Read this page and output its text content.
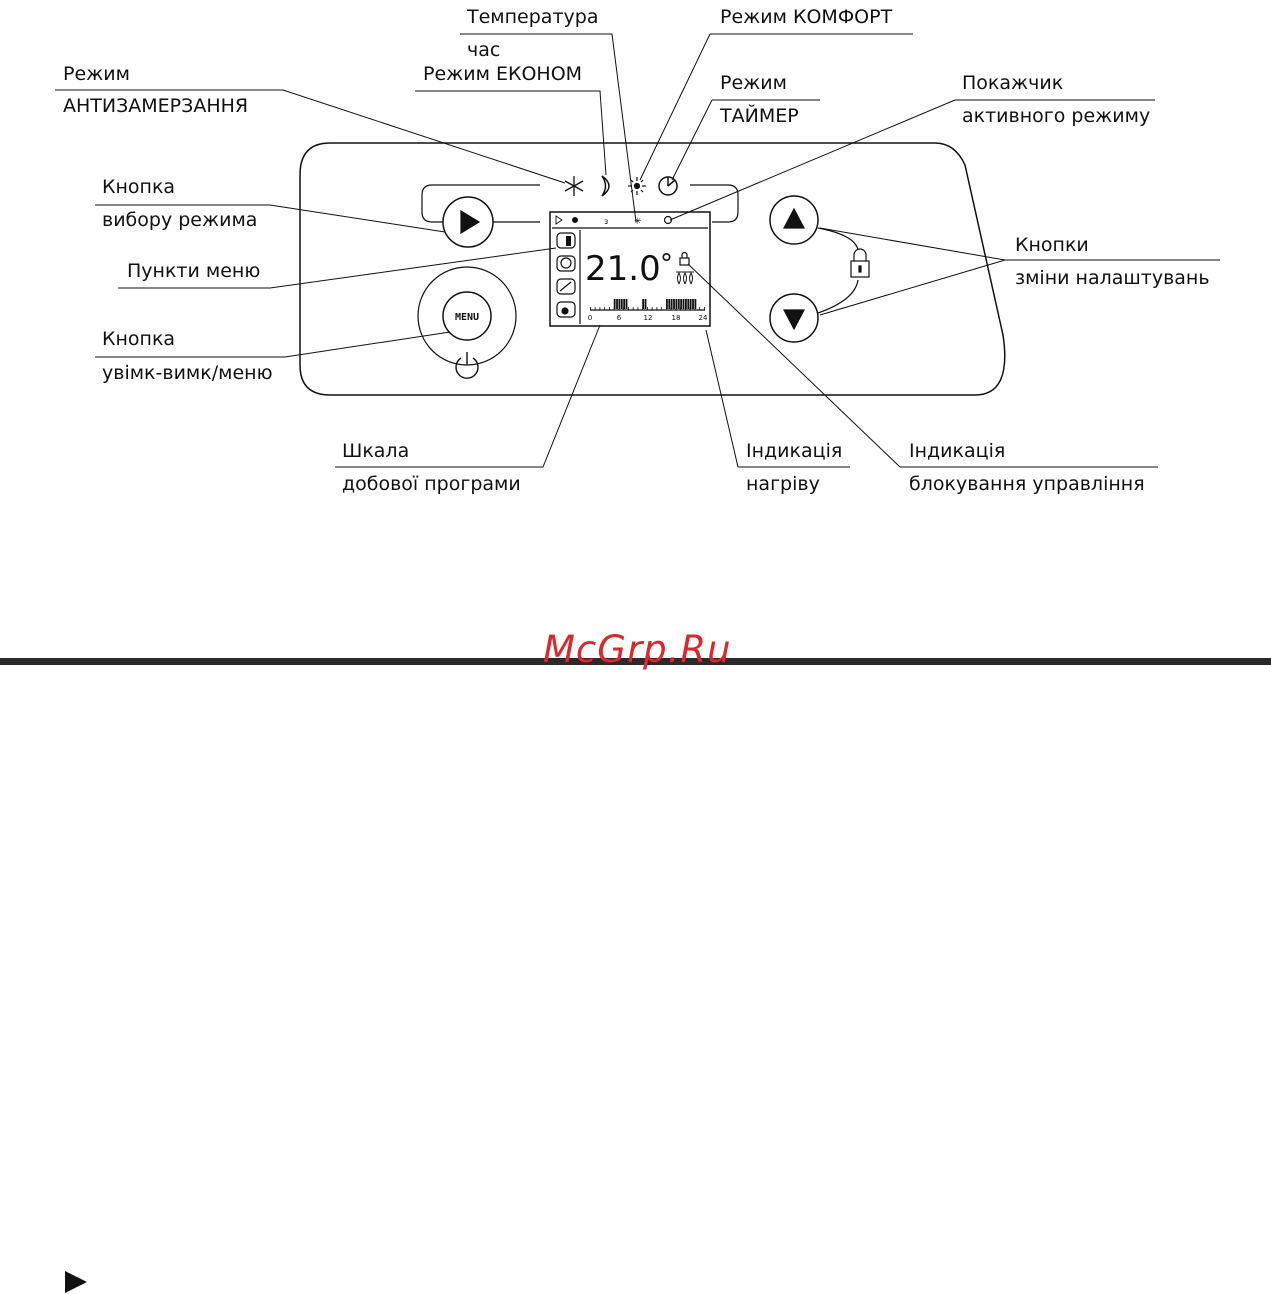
MENU
ᴈ	✳
21.0 °
0	6	12	18	24
Температура
час
Режим КОМФОРТ
Режим ЕКОНОМ
Режим
АНТИЗАМЕРЗАННЯ
Режим
ТАЙМЕР
Покажчик
активного режиму
Кнопка
вибору режима
Пункти меню
Кнопка
увімк-вимк/меню
Кнопки
зміни налаштувань
Шкала
добової програми
Індикація
нагріву
Індикація
блокування управління
McGrp.Ru
